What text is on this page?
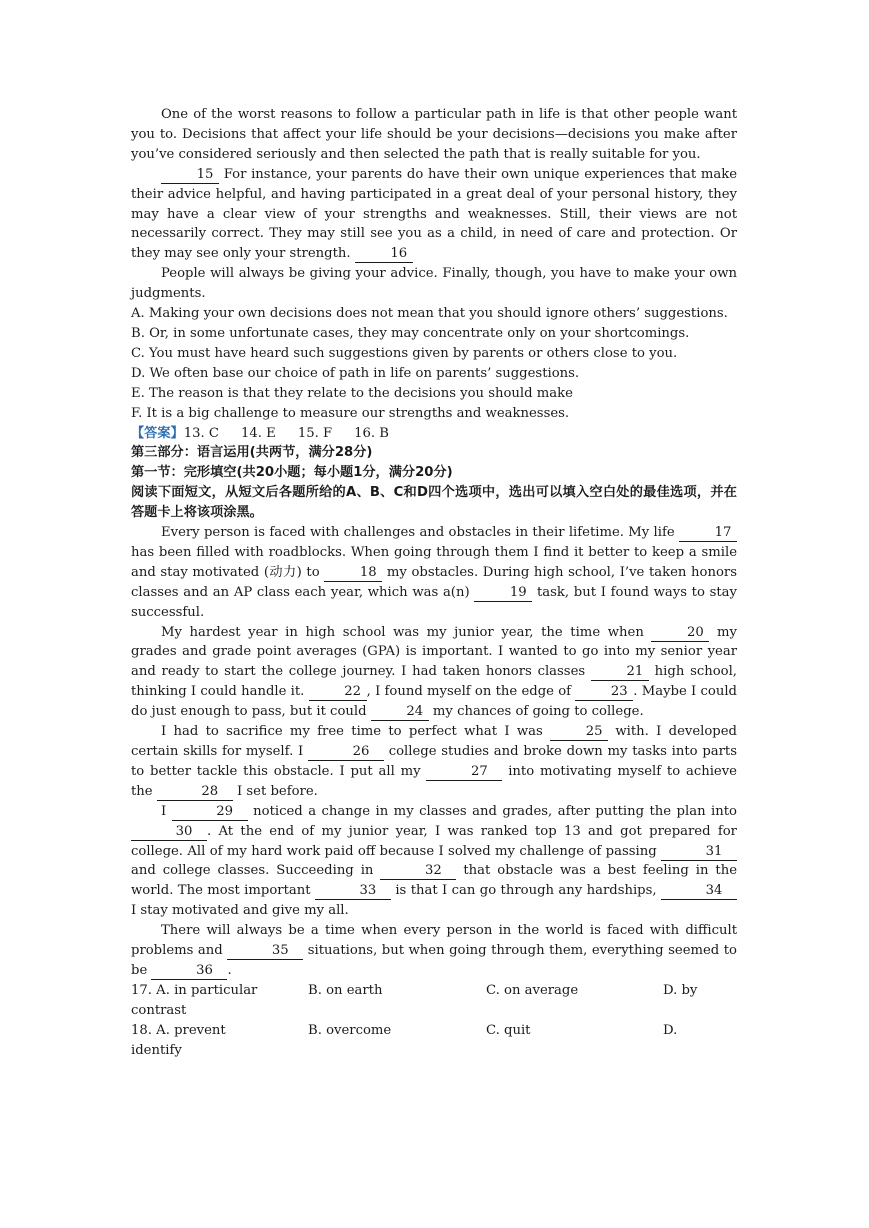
One of the worst reasons to follow a particular path in life is that other people want you to. Decisions that affect your life should be your decisions—decisions you make after you’ve considered seriously and then selected the path that is really suitable for you.

15 For instance, your parents do have their own unique experiences that make their advice helpful, and having participated in a great deal of your personal history, they may have a clear view of your strengths and weaknesses. Still, their views are not necessarily correct. They may still see you as a child, in need of care and protection. Or they may see only your strength.	16

People will always be giving your advice. Finally, though, you have to make your own judgments.

A. Making your own decisions does not mean that you should ignore others’ suggestions.

B. Or, in some unfortunate cases, they may concentrate only on your shortcomings.

C. You must have heard such suggestions given by parents or others close to you.

D. We often base our choice of path in life on parents’ suggestions.

E. The reason is that they relate to the decisions you should make

F. It is a big challenge to measure our strengths and weaknesses.

【答案】13. C 14. E 15. F 16. B

第三部分：语言运用(共两节，满分28分)

第一节：完形填空(共20小题；每小题1分，满分20分)

阅读下面短文，从短文后各题所给的A、B、C和D四个选项中，选出可以填入空白处的最佳选项，并在答题卡上将该项涂黑。

Every person is faced with challenges and obstacles in their lifetime. My life	17 has been filled with roadblocks. When going through them I find it better to keep a smile and stay motivated (动力) to	18 my obstacles. During high school, I’ve taken honors classes and an AP class each year, which was a(n)	19 task, but I found ways to stay successful.

My hardest year in high school was my junior year, the time when	20 my grades and grade point averages (GPA) is important. I wanted to go into my senior year and ready to start the college journey. I had taken honors classes	21 high school, thinking I could handle it.	22 , I found myself on the edge of	23 . Maybe I could do just enough to pass, but it could	24 my chances of going to college.

I had to sacrifice my free time to perfect what I was	25 with. I developed certain skills for myself. I	26 college studies and broke down my tasks into parts to better tackle this obstacle. I put all my	27 into motivating myself to achieve the	28 I set before.

I	29 noticed a change in my classes and grades, after putting the plan into 30 . At the end of my junior year, I was ranked top 13 and got prepared for college. All of my hard work paid off because I solved my challenge of passing	31 and college classes. Succeeding in	32 that obstacle was a best feeling in the world. The most important	33 is that I can go through any hardships,	34 I stay motivated and give my all.

There will always be a time when every person in the world is faced with difficult problems and	35 situations, but when going through them, everything seemed to be	36 .

17. A. in particular	B. on earth	C. on average	D. by

contrast

18. A. prevent	B. overcome	C. quit	D.

identify
